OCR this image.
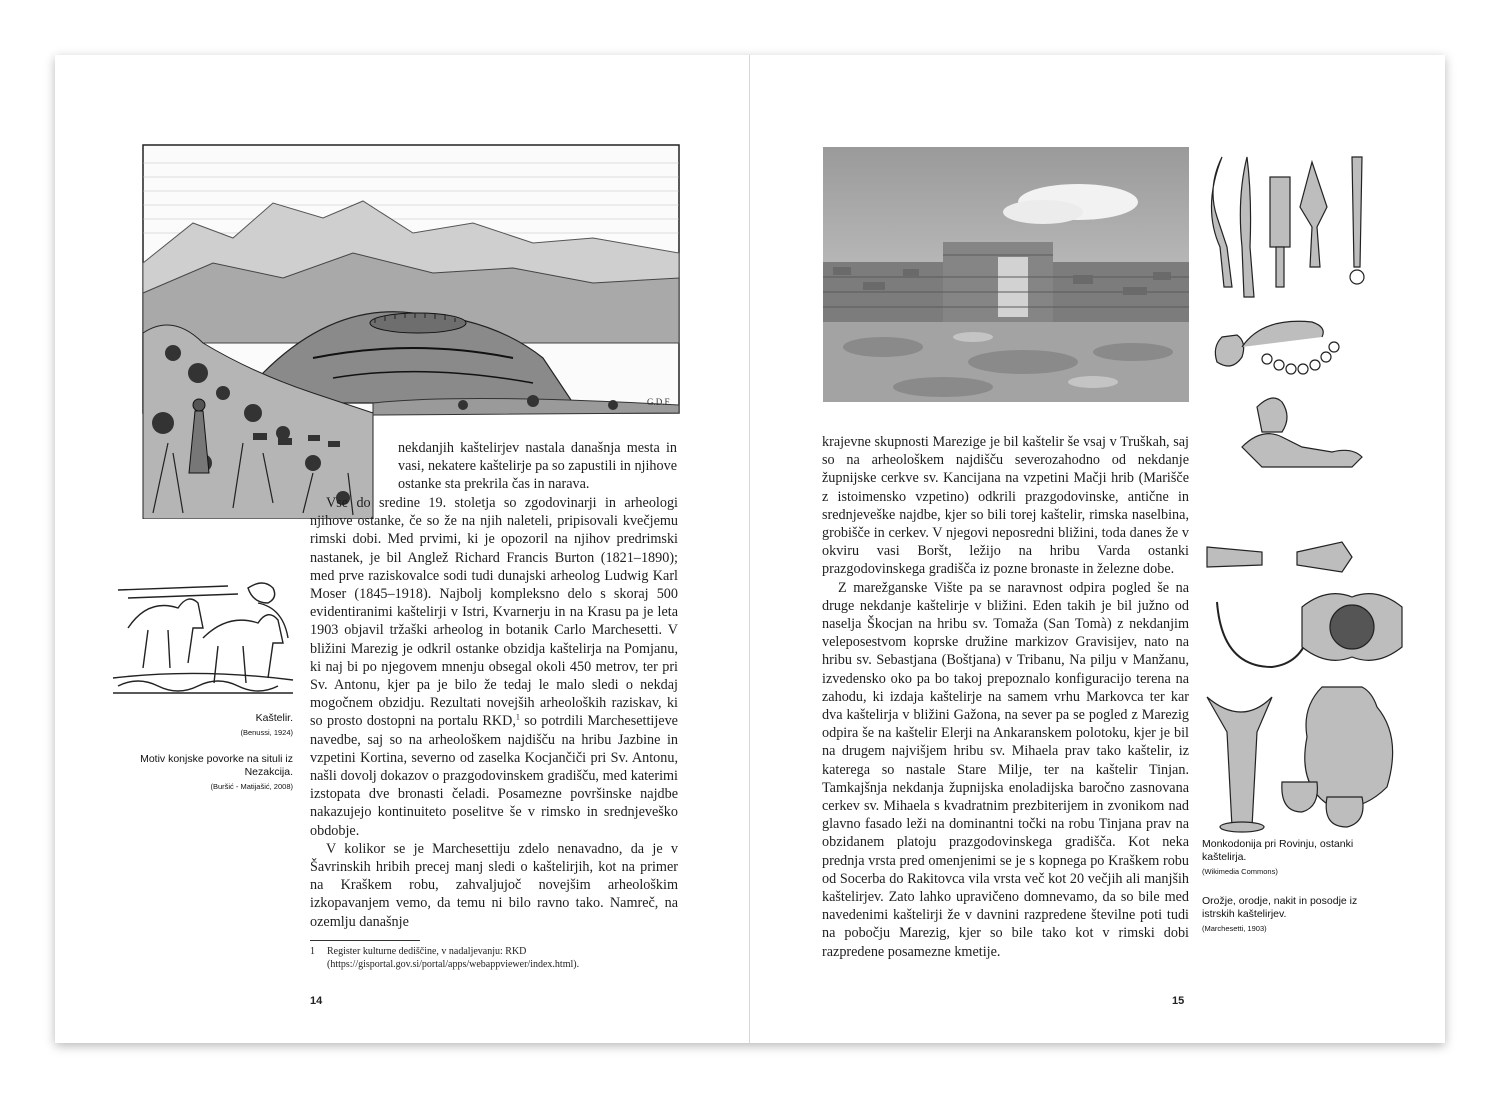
G.D.F.
Kaštelir.
(Benussi, 1924)
Motiv konjske povorke na situli iz Nezakcija.
(Buršić - Matijašić, 2008)

nekdanjih kaštelirjev nastala današnja mesta in vasi, nekatere kaštelirje pa so zapustili in njihove ostanke sta prekrila čas in narava.

Vse do sredine 19. stoletja so zgodovinarji in arheologi njihove ostanke, če so že na njih naleteli, pripisovali kvečjemu rimski dobi. Med prvimi, ki je opozoril na njihov predrimski nastanek, je bil Anglež Richard Francis Burton (1821–1890); med prve raziskovalce sodi tudi dunajski arheolog Ludwig Karl Moser (1845–1918). Najbolj kompleksno delo s skoraj 500 evidentiranimi kaštelirji v Istri, Kvarnerju in na Krasu pa je leta 1903 objavil tržaški arheolog in botanik Carlo Marchesetti. V bližini Marezig je odkril ostanke obzidja kaštelirja na Pomjanu, ki naj bi po njegovem mnenju obsegal okoli 450 metrov, ter pri Sv. Antonu, kjer pa je bilo že tedaj le malo sledi o nekdaj mogočnem obzidju. Rezultati novejših arheoloških raziskav, ki so prosto dostopni na portalu RKD,$^1$ so potrdili Marchesettijeve navedbe, saj so na arheološkem najdišču na hribu Jazbine in vzpetini Kortina, severno od zaselka Kocjančiči pri Sv. Antonu, našli dovolj dokazov o prazgodovinskem gradišču, med katerimi izstopata dve bronasti čeladi. Posamezne površinske najdbe nakazujejo kontinuiteto poselitve še v rimsko in srednjeveško obdobje.

V kolikor se je Marchesettiju zdelo nenavadno, da je v Šavrinskih hribih precej manj sledi o kaštelirjih, kot na primer na Kraškem robu, zahvaljujoč novejšim arheološkim izkopavanjem vemo, da temu ni bilo ravno tako. Namreč, na ozemlju današnje

1 Register kulturne dediščine, v nadaljevanju: RKD (https://gisportal.gov.si/portal/apps/webappviewer/index.html).
14

krajevne skupnosti Marezige je bil kaštelir še vsaj v Truškah, saj so na arheološkem najdišču severozahodno od nekdanje župnijske cerkve sv. Kancijana na vzpetini Mačji hrib (Marišče z istoimensko vzpetino) odkrili prazgodovinske, antične in srednjeveške najdbe, kjer so bili torej kaštelir, rimska naselbina, grobišče in cerkev. V njegovi neposredni bližini, toda danes že v okviru vasi Boršt, ležijo na hribu Varda ostanki prazgodovinskega gradišča iz pozne bronaste in železne dobe.

Z marežganske Vište pa se naravnost odpira pogled še na druge nekdanje kaštelirje v bližini. Eden takih je bil južno od naselja Škocjan na hribu sv. Tomaža (San Tomà) z nekdanjim veleposestvom koprske družine markizov Gravisijev, nato na hribu sv. Sebastjana (Boštjana) v Tribanu, Na pilju v Manžanu, izvedensko oko pa bo takoj prepoznalo konfiguracijo terena na zahodu, ki izdaja kaštelirje na samem vrhu Markovca ter kar dva kaštelirja v bližini Gažona, na sever pa se pogled z Marezig odpira še na kaštelir Elerji na Ankaranskem polotoku, kjer je bil na drugem najvišjem hribu sv. Mihaela prav tako kaštelir, iz katerega so nastale Stare Milje, ter na kaštelir Tinjan. Tamkajšnja nekdanja župnijska enoladijska baročno zasnovana cerkev sv. Mihaela s kvadratnim prezbiterijem in zvonikom nad glavno fasado leži na dominantni točki na robu Tinjana prav na obzidanem platoju prazgodovinskega gradišča. Kot neka prednja vrsta pred omenjenimi se je s kopnega po Kraškem robu od Socerba do Rakitovca vila vrsta več kot 20 večjih ali manjših kaštelirjev. Zato lahko upravičeno domnevamo, da so bile med navedenimi kaštelirji že v davnini razpredene številne poti tudi na pobočju Marezig, kjer so bile tako kot v rimski dobi razpredene posamezne kmetije.

Monkodonija pri Rovinju, ostanki kaštelirja.
(Wikimedia Commons)
Orožje, orodje, nakit in posodje iz istrskih kaštelirjev.
(Marchesetti, 1903)
15
